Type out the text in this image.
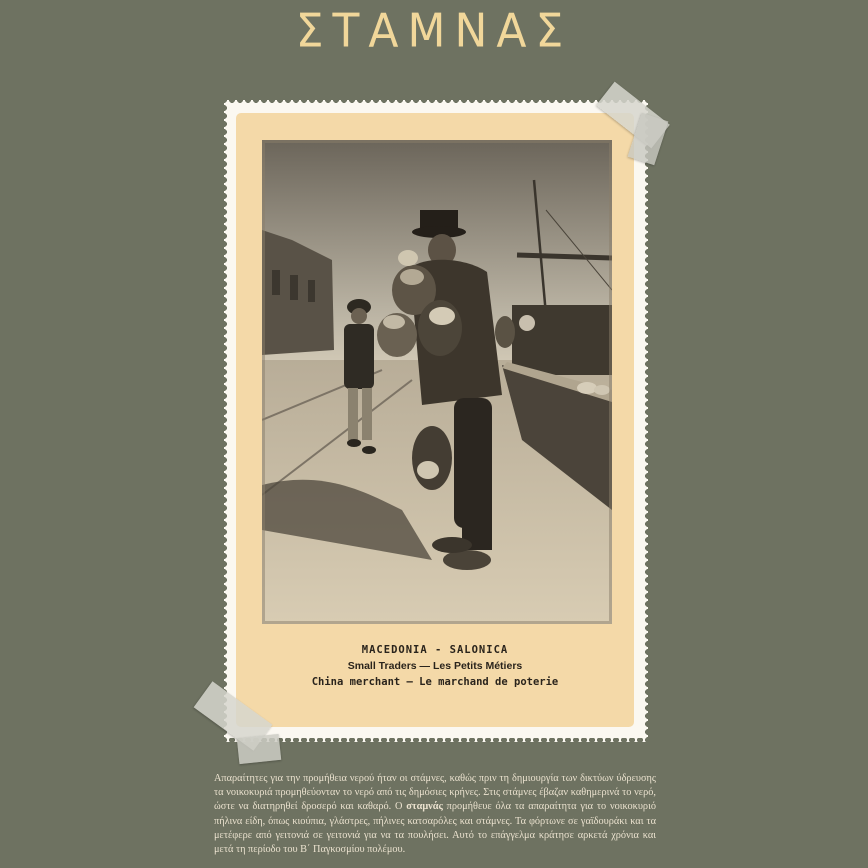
ΣΤΑΜΝΑΣ
MACEDONIA - SALONICA
Small Traders — Les Petits Métiers
China merchant — Le marchand de poterie
Απαραίτητες για την προμήθεια νερού ήταν οι στάμνες, καθώς πριν τη δημιουργία των δικτύων ύδρευσης τα νοικοκυριά προμηθεύονταν το νερό από τις δημόσιες κρήνες. Στις στάμνες έβαζαν καθημερινά το νερό, ώστε να διατηρηθεί δροσερό και καθαρό. Ο σταμνάς προμήθευε όλα τα απαραίτητα για το νοικοκυριό πήλινα είδη, όπως κιούπια, γλάστρες, πήλινες κατσαρόλες και στάμνες. Τα φόρτωνε σε γαϊδουράκι και τα μετέφερε από γειτονιά σε γειτονιά για να τα πουλήσει. Αυτό το επάγγελμα κράτησε αρκετά χρόνια και μετά τη περίοδο του Β΄ Παγκοσμίου πολέμου.
